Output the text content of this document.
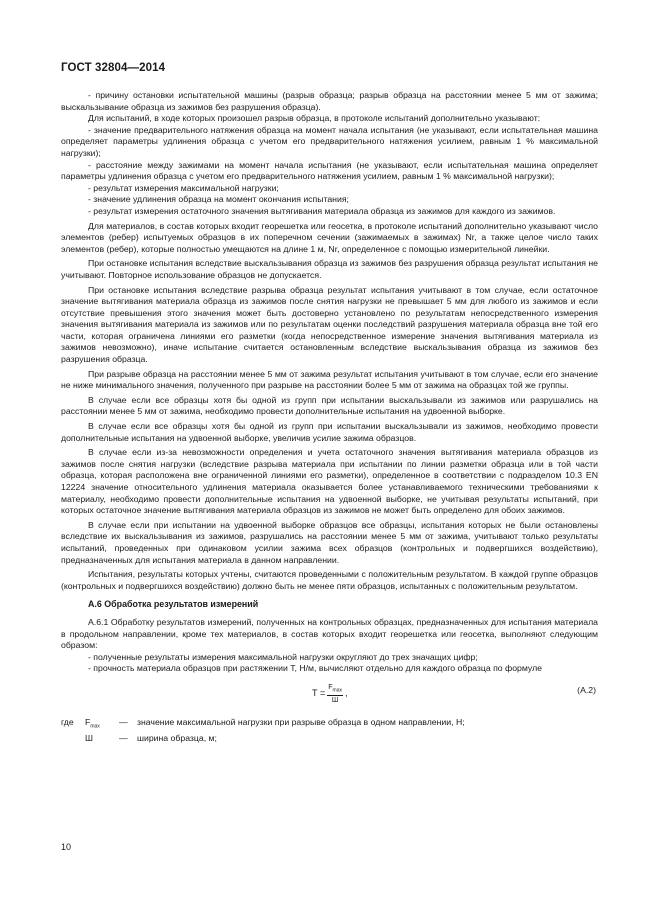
ГОСТ 32804—2014

- причину остановки испытательной машины (разрыв образца; разрыв образца на расстоянии менее 5 мм от зажима; выскальзывание образца из зажимов без разрушения образца).

Для испытаний, в ходе которых произошел разрыв образца, в протоколе испытаний дополнительно указывают:

- значение предварительного натяжения образца на момент начала испытания (не указывают, если испытательная машина определяет параметры удлинения образца с учетом его предварительного натяжения усилием, равным 1 % максимальной нагрузки);

- расстояние между зажимами на момент начала испытания (не указывают, если испытательная машина определяет параметры удлинения образца с учетом его предварительного натяжения усилием, равным 1 % максимальной нагрузки);

- результат измерения максимальной нагрузки;

- значение удлинения образца на момент окончания испытания;

- результат измерения остаточного значения вытягивания материала образца из зажимов для каждого из зажимов.

Для материалов, в состав которых входит георешетка или геосетка, в протоколе испытаний дополнительно указывают число элементов (ребер) испытуемых образцов в их поперечном сечении (зажимаемых в зажимах) Nr, а также целое число таких элементов (ребер), которые полностью умещаются на длине 1 м, Nr, определенное с помощью измерительной линейки.

При остановке испытания вследствие выскальзывания образца из зажимов без разрушения образца результат испытания не учитывают. Повторное использование образцов не допускается.

При остановке испытания вследствие разрыва образца результат испытания учитывают в том случае, если остаточное значение вытягивания материала образца из зажимов после снятия нагрузки не превышает 5 мм для любого из зажимов и если отсутствие превышения этого значения может быть достоверно установлено по результатам непосредственного измерения значения вытягивания материала из зажимов или по результатам оценки последствий разрушения материала образца вне той его части, которая ограничена линиями его разметки (когда непосредственное измерение значения вытягивания материала из зажимов невозможно), иначе испытание считается остановленным вследствие выскальзывания образца из зажимов без разрушения образца.

При разрыве образца на расстоянии менее 5 мм от зажима результат испытания учитывают в том случае, если его значение не ниже минимального значения, полученного при разрыве на расстоянии более 5 мм от зажима на образцах той же группы.

В случае если все образцы хотя бы одной из групп при испытании выскальзывали из зажимов или разрушались на расстоянии менее 5 мм от зажима, необходимо провести дополнительные испытания на удвоенной выборке.

В случае если все образцы хотя бы одной из групп при испытании выскальзывали из зажимов, необходимо провести дополнительные испытания на удвоенной выборке, увеличив усилие зажима образцов.

В случае если из-за невозможности определения и учета остаточного значения вытягивания материала образцов из зажимов после снятия нагрузки (вследствие разрыва материала при испытании по линии разметки образца или в той части образца, которая расположена вне ограниченной линиями его разметки), определенное в соответствии с подразделом 10.3 EN 12224 значение относительного удлинения материала оказывается более устанавливаемого техническими требованиями к материалу, необходимо провести дополнительные испытания на удвоенной выборке, не учитывая результаты испытаний, при которых остаточное значение вытягивания материала образцов из зажимов не может быть определено для обоих зажимов.

В случае если при испытании на удвоенной выборке образцов все образцы, испытания которых не были остановлены вследствие их выскальзывания из зажимов, разрушались на расстоянии менее 5 мм от зажима, учитывают только результаты испытаний, проведенных при одинаковом усилии зажима всех образцов (контрольных и подвергшихся воздействию), предназначенных для испытания материала в данном направлении.

Испытания, результаты которых учтены, считаются проведенными с положительным результатом. В каждой группе образцов (контрольных и подвергшихся воздействию) должно быть не менее пяти образцов, испытанных с положительным результатом.

А.6 Обработка результатов измерений

А.6.1 Обработку результатов измерений, полученных на контрольных образцах, предназначенных для испытания материала в продольном направлении, кроме тех материалов, в состав которых входит георешетка или геосетка, выполняют следующим образом:

- полученные результаты измерения максимальной нагрузки округляют до трех значащих цифр;

- прочность материала образцов при растяжении Т, Н/м, вычисляют отдельно для каждого образца по формуле

$Т = \frac{F_{max}}{Ш}$ ,	(А.2)
где	$F_{max}$	—	значение максимальной нагрузки при разрыве образца в одном направлении, Н;
Ш	—	ширина образца, м;
10
